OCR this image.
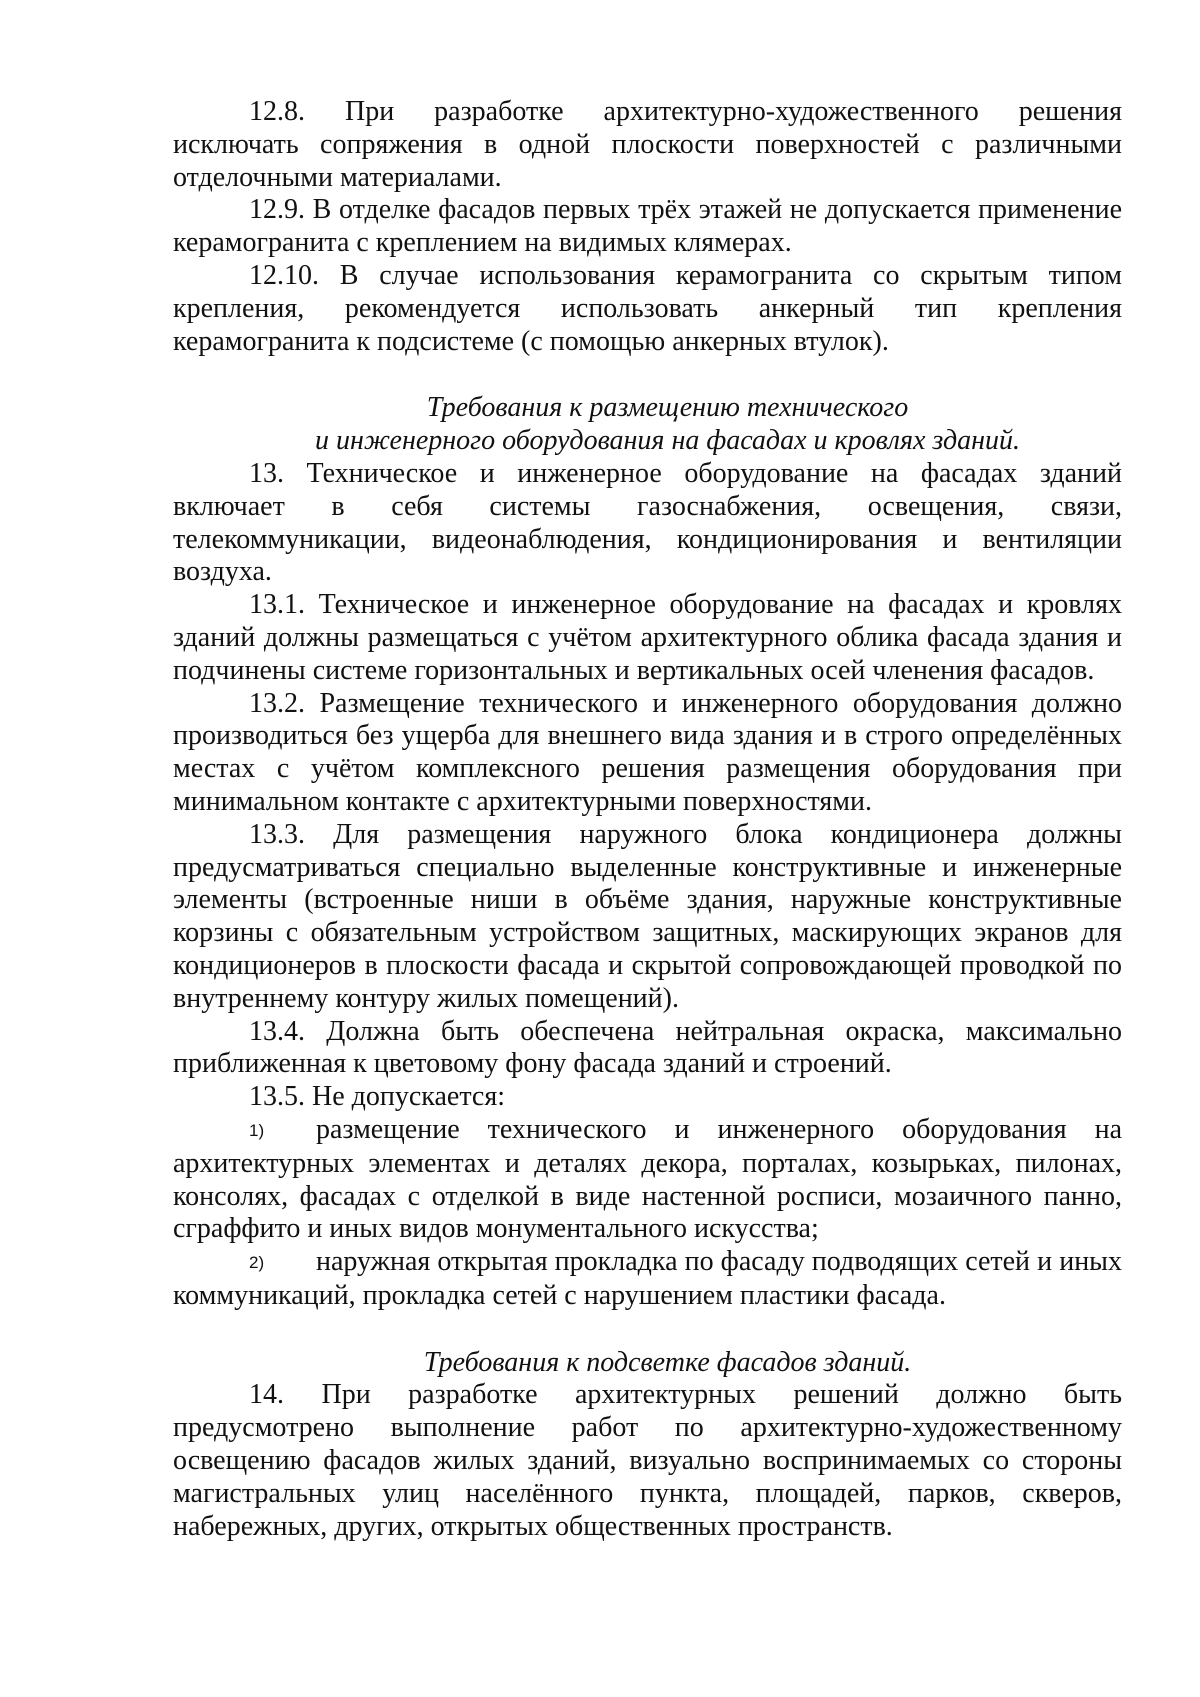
12.8. При разработке архитектурно-художественного решения исключать сопряжения в одной плоскости поверхностей с различными отделочными материалами.

12.9. В отделке фасадов первых трёх этажей не допускается применение керамогранита с креплением на видимых клямерах.

12.10. В случае использования керамогранита со скрытым типом крепления, рекомендуется использовать анкерный тип крепления керамогранита к подсистеме (с помощью анкерных втулок).

Требования к размещению технического
и инженерного оборудования на фасадах и кровлях зданий.

13. Техническое и инженерное оборудование на фасадах зданий включает в себя системы газоснабжения, освещения, связи, телекоммуникации, видеонаблюдения, кондиционирования и вентиляции воздуха.

13.1. Техническое и инженерное оборудование на фасадах и кровлях зданий должны размещаться с учётом архитектурного облика фасада здания и подчинены системе горизонтальных и вертикальных осей членения фасадов.

13.2. Размещение технического и инженерного оборудования должно производиться без ущерба для внешнего вида здания и в строго определённых местах с учётом комплексного решения размещения оборудования при минимальном контакте с архитектурными поверхностями.

13.3. Для размещения наружного блока кондиционера должны предусматриваться специально выделенные конструктивные и инженерные элементы (встроенные ниши в объёме здания, наружные конструктивные корзины с обязательным устройством защитных, маскирующих экранов для кондиционеров в плоскости фасада и скрытой сопровождающей проводкой по внутреннему контуру жилых помещений).

13.4. Должна быть обеспечена нейтральная окраска, максимально приближенная к цветовому фону фасада зданий и строений.

13.5. Не допускается:

1) размещение технического и инженерного оборудования на архитектурных элементах и деталях декора, порталах, козырьках, пилонах, консолях, фасадах с отделкой в виде настенной росписи, мозаичного панно, сграффито и иных видов монументального искусства;

2) наружная открытая прокладка по фасаду подводящих сетей и иных коммуникаций, прокладка сетей с нарушением пластики фасада.

Требования к подсветке фасадов зданий.

14. При разработке архитектурных решений должно быть предусмотрено выполнение работ по архитектурно-художественному освещению фасадов жилых зданий, визуально воспринимаемых со стороны магистральных улиц населённого пункта, площадей, парков, скверов, набережных, других, открытых общественных пространств.
